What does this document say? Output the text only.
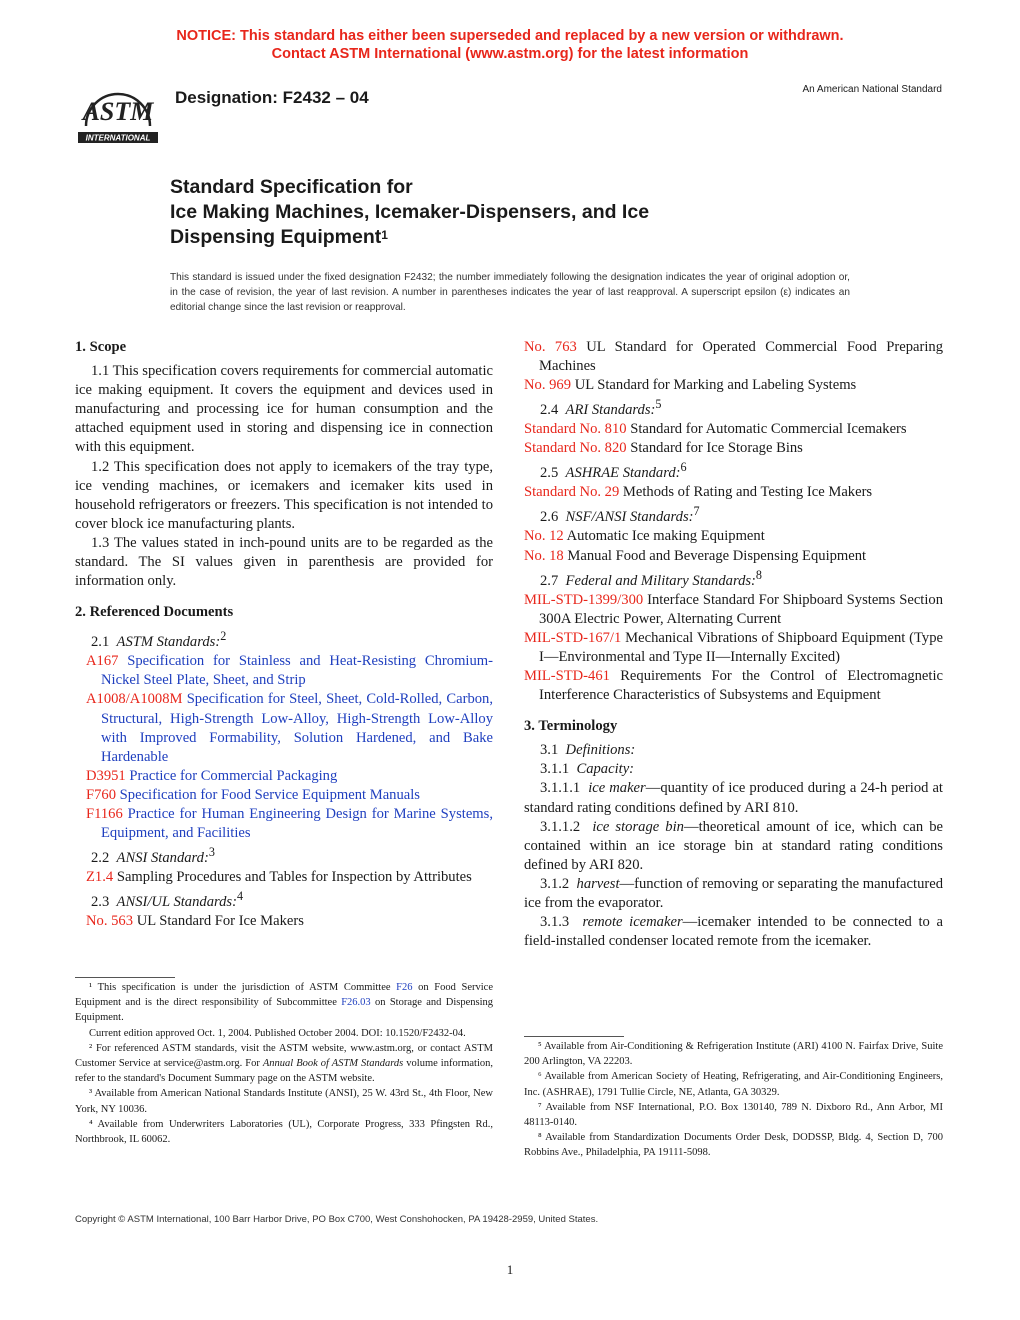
NOTICE: This standard has either been superseded and replaced by a new version or withdrawn.
Contact ASTM International (www.astm.org) for the latest information
ASTM
INTERNATIONAL
Designation: F2432 – 04	An American National Standard
Standard Specification for
Ice Making Machines, Icemaker-Dispensers, and Ice
Dispensing Equipment$^1$
This standard is issued under the fixed designation F2432; the number immediately following the designation indicates the year of original adoption or, in the case of revision, the year of last revision. A number in parentheses indicates the year of last reapproval. A superscript epsilon (ε) indicates an editorial change since the last revision or reapproval.

1. Scope

1.1 This specification covers requirements for commercial automatic ice making equipment. It covers the equipment and devices used in manufacturing and processing ice for human consumption and the attached equipment used in storing and dispensing ice in connection with this equipment.

1.2 This specification does not apply to icemakers of the tray type, ice vending machines, or icemakers and icemaker kits used in household refrigerators or freezers. This specification is not intended to cover block ice manufacturing plants.

1.3 The values stated in inch-pound units are to be regarded as the standard. The SI values given in parenthesis are provided for information only.

2. Referenced Documents

2.1 ASTM Standards:$^2$

A167 Specification for Stainless and Heat-Resisting Chromium-Nickel Steel Plate, Sheet, and Strip

A1008/A1008M Specification for Steel, Sheet, Cold-Rolled, Carbon, Structural, High-Strength Low-Alloy, High-Strength Low-Alloy with Improved Formability, Solution Hardened, and Bake Hardenable

D3951 Practice for Commercial Packaging

F760 Specification for Food Service Equipment Manuals

F1166 Practice for Human Engineering Design for Marine Systems, Equipment, and Facilities

2.2 ANSI Standard:$^3$

Z1.4 Sampling Procedures and Tables for Inspection by Attributes

2.3 ANSI/UL Standards:$^4$

No. 563 UL Standard For Ice Makers

¹ This specification is under the jurisdiction of ASTM Committee F26 on Food Service Equipment and is the direct responsibility of Subcommittee F26.03 on Storage and Dispensing Equipment.

Current edition approved Oct. 1, 2004. Published October 2004. DOI: 10.1520/F2432-04.

² For referenced ASTM standards, visit the ASTM website, www.astm.org, or contact ASTM Customer Service at service@astm.org. For Annual Book of ASTM Standards volume information, refer to the standard's Document Summary page on the ASTM website.

³ Available from American National Standards Institute (ANSI), 25 W. 43rd St., 4th Floor, New York, NY 10036.

⁴ Available from Underwriters Laboratories (UL), Corporate Progress, 333 Pfingsten Rd., Northbrook, IL 60062.

No. 763 UL Standard for Operated Commercial Food Preparing Machines

No. 969 UL Standard for Marking and Labeling Systems

2.4 ARI Standards:$^5$

Standard No. 810 Standard for Automatic Commercial Icemakers

Standard No. 820 Standard for Ice Storage Bins

2.5 ASHRAE Standard:$^6$

Standard No. 29 Methods of Rating and Testing Ice Makers

2.6 NSF/ANSI Standards:$^7$

No. 12 Automatic Ice making Equipment

No. 18 Manual Food and Beverage Dispensing Equipment

2.7 Federal and Military Standards:$^8$

MIL-STD-1399/300 Interface Standard For Shipboard Systems Section 300A Electric Power, Alternating Current

MIL-STD-167/1 Mechanical Vibrations of Shipboard Equipment (Type I—Environmental and Type II—Internally Excited)

MIL-STD-461 Requirements For the Control of Electromagnetic Interference Characteristics of Subsystems and Equipment

3. Terminology

3.1 Definitions:

3.1.1 Capacity:

3.1.1.1 ice maker—quantity of ice produced during a 24-h period at standard rating conditions defined by ARI 810.

3.1.1.2 ice storage bin—theoretical amount of ice, which can be contained within an ice storage bin at standard rating conditions defined by ARI 820.

3.1.2 harvest—function of removing or separating the manufactured ice from the evaporator.

3.1.3 remote icemaker—icemaker intended to be connected to a field-installed condenser located remote from the icemaker.

⁵ Available from Air-Conditioning & Refrigeration Institute (ARI) 4100 N. Fairfax Drive, Suite 200 Arlington, VA 22203.

⁶ Available from American Society of Heating, Refrigerating, and Air-Conditioning Engineers, Inc. (ASHRAE), 1791 Tullie Circle, NE, Atlanta, GA 30329.

⁷ Available from NSF International, P.O. Box 130140, 789 N. Dixboro Rd., Ann Arbor, MI 48113-0140.

⁸ Available from Standardization Documents Order Desk, DODSSP, Bldg. 4, Section D, 700 Robbins Ave., Philadelphia, PA 19111-5098.

Copyright © ASTM International, 100 Barr Harbor Drive, PO Box C700, West Conshohocken, PA 19428-2959, United States.
1
